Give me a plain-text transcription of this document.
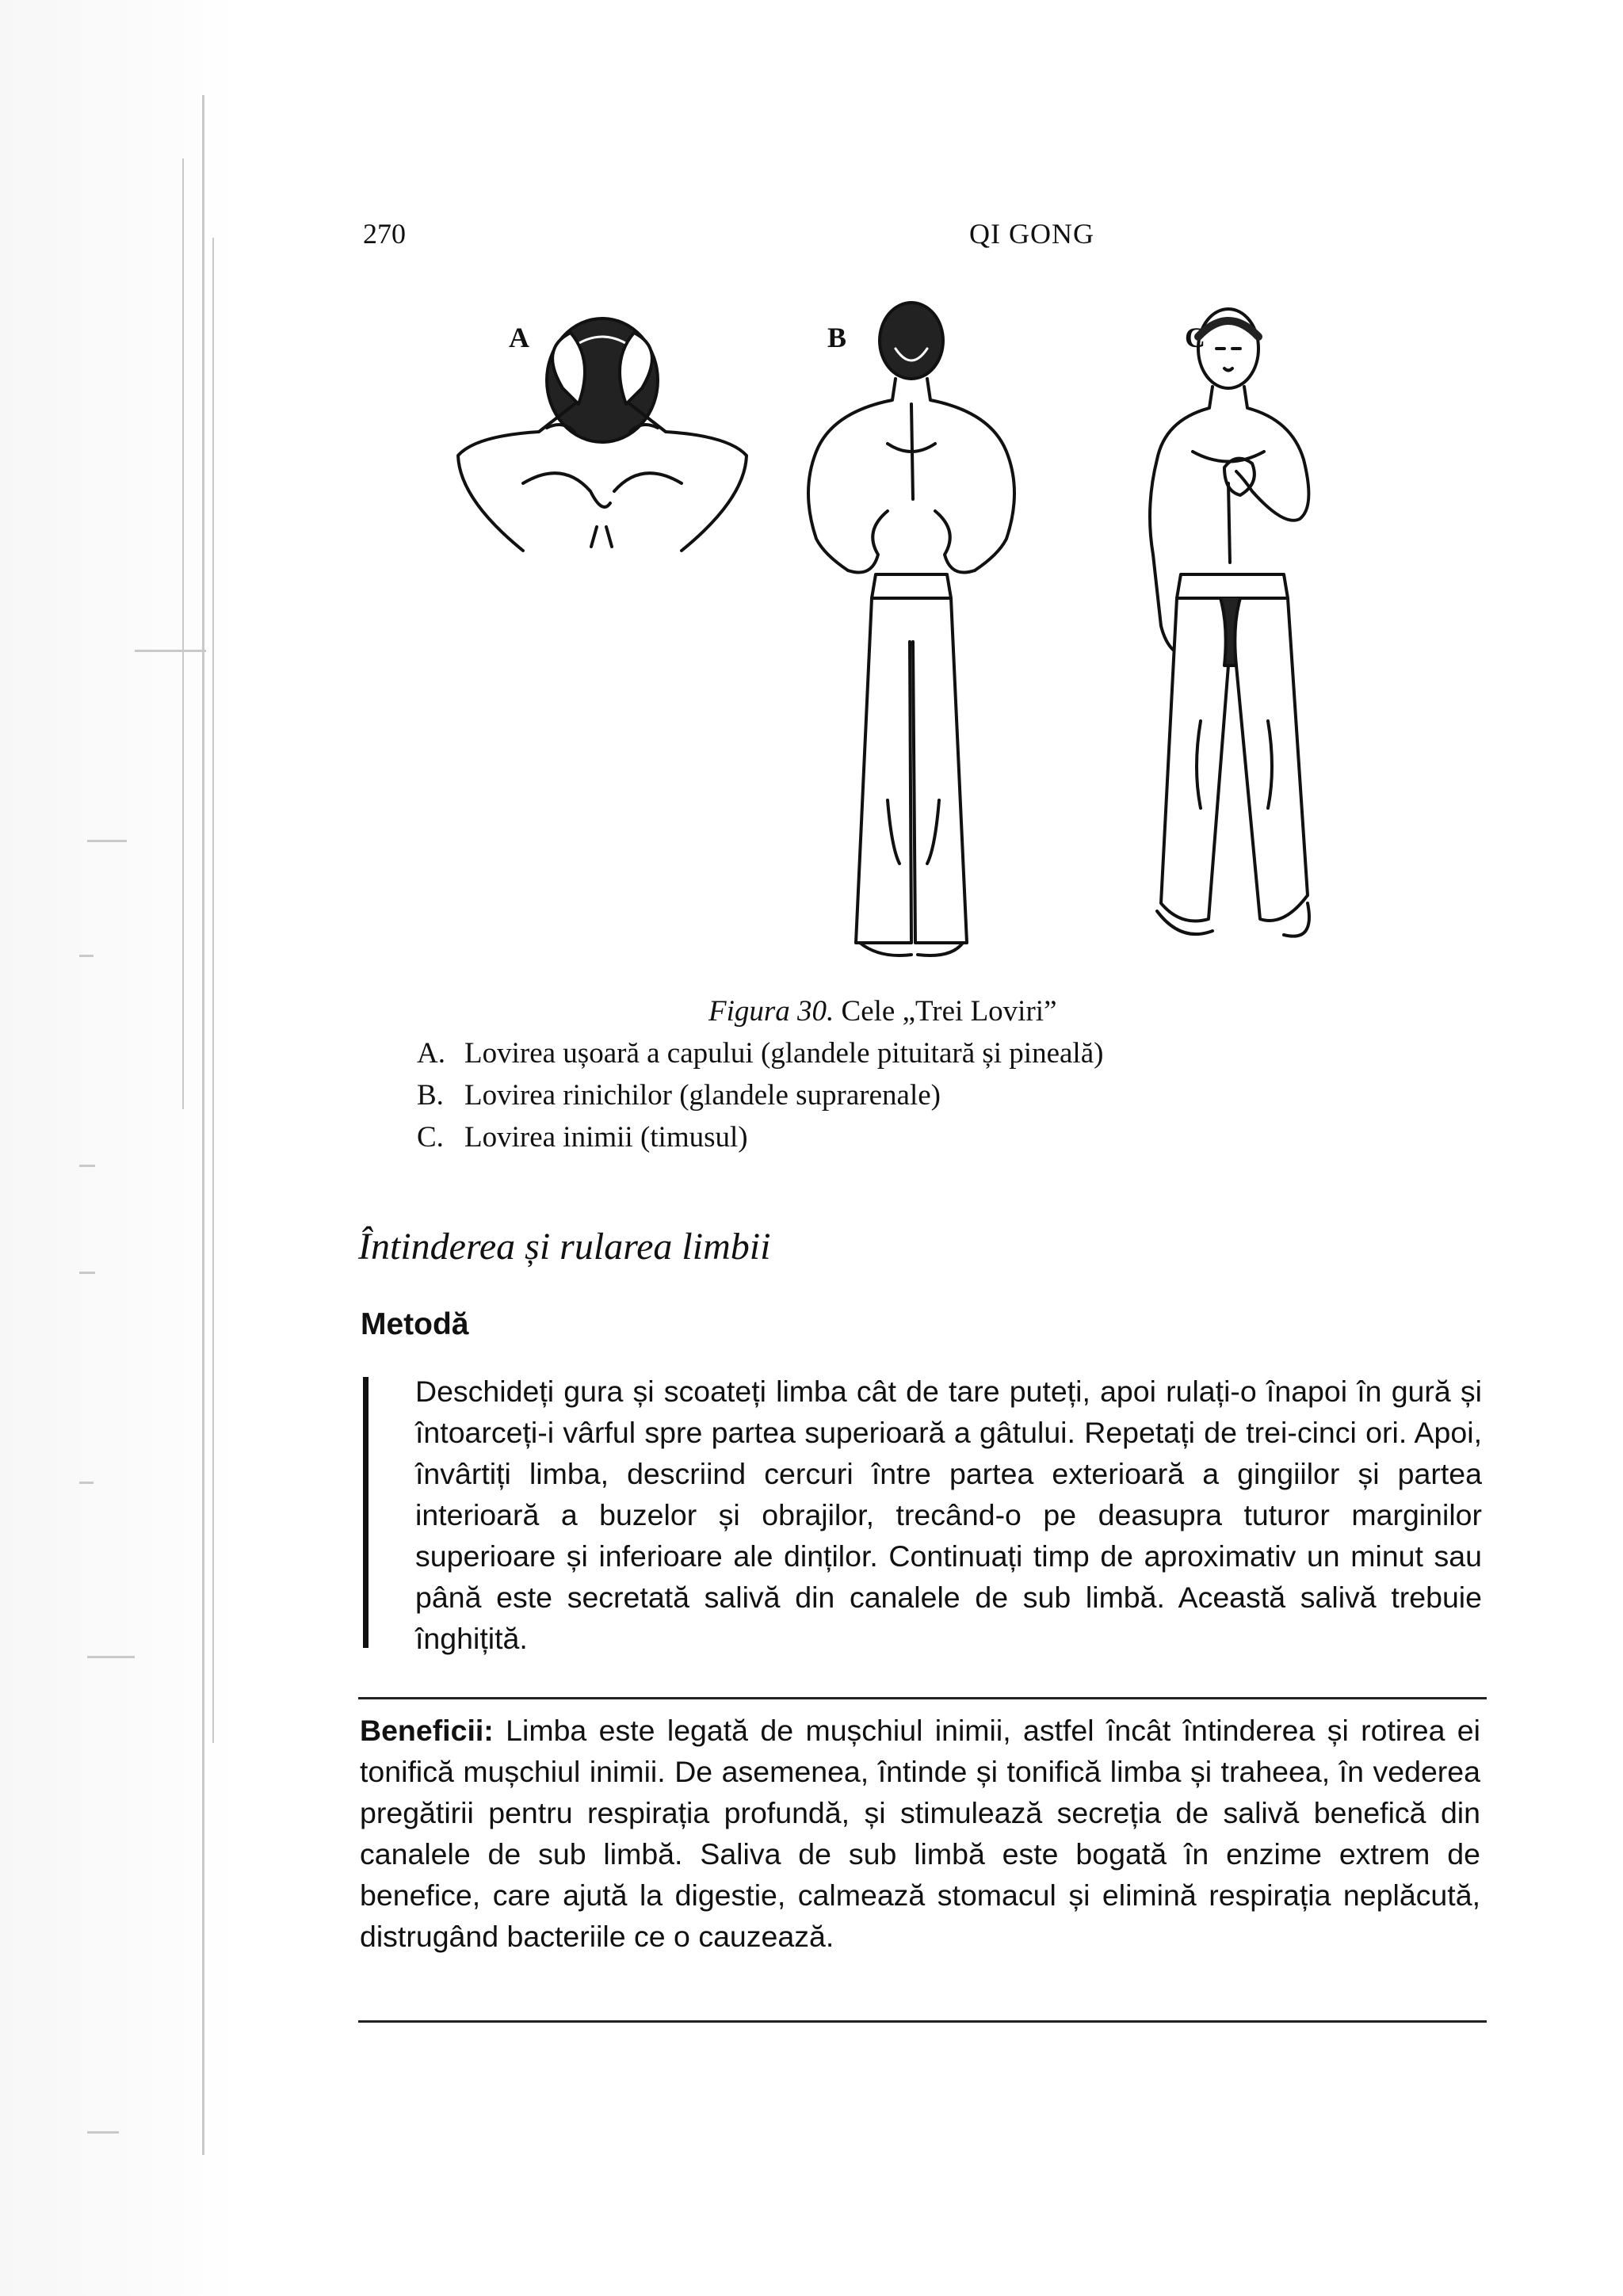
270	QI GONG
A	B	C
Figura 30. Cele „Trei Loviri”
A. Lovirea ușoară a capului (glandele pituitară și pineală)
B. Lovirea rinichilor (glandele suprarenale)
C. Lovirea inimii (timusul)
Întinderea și rularea limbii
Metodă
Deschideți gura și scoateți limba cât de tare puteți, apoi rulați-o înapoi în gură și întoarceți-i vârful spre partea superioară a gâtului. Repetați de trei-cinci ori. Apoi, învârtiți limba, descriind cercuri între partea exterioară a gingiilor și partea interioară a buzelor și obrajilor, trecând-o pe deasupra tuturor marginilor superioare și inferioare ale dinților. Continuați timp de aproximativ un minut sau până este secretată salivă din canalele de sub limbă. Această salivă trebuie înghițită.
Beneficii: Limba este legată de mușchiul inimii, astfel încât întinderea și rotirea ei tonifică mușchiul inimii. De asemenea, întinde și tonifică limba și traheea, în vederea pregătirii pentru respirația profundă, și stimulează secreția de salivă benefică din canalele de sub limbă. Saliva de sub limbă este bogată în enzime extrem de benefice, care ajută la digestie, calmează stomacul și elimină respirația neplăcută, distrugând bacteriile ce o cauzează.
